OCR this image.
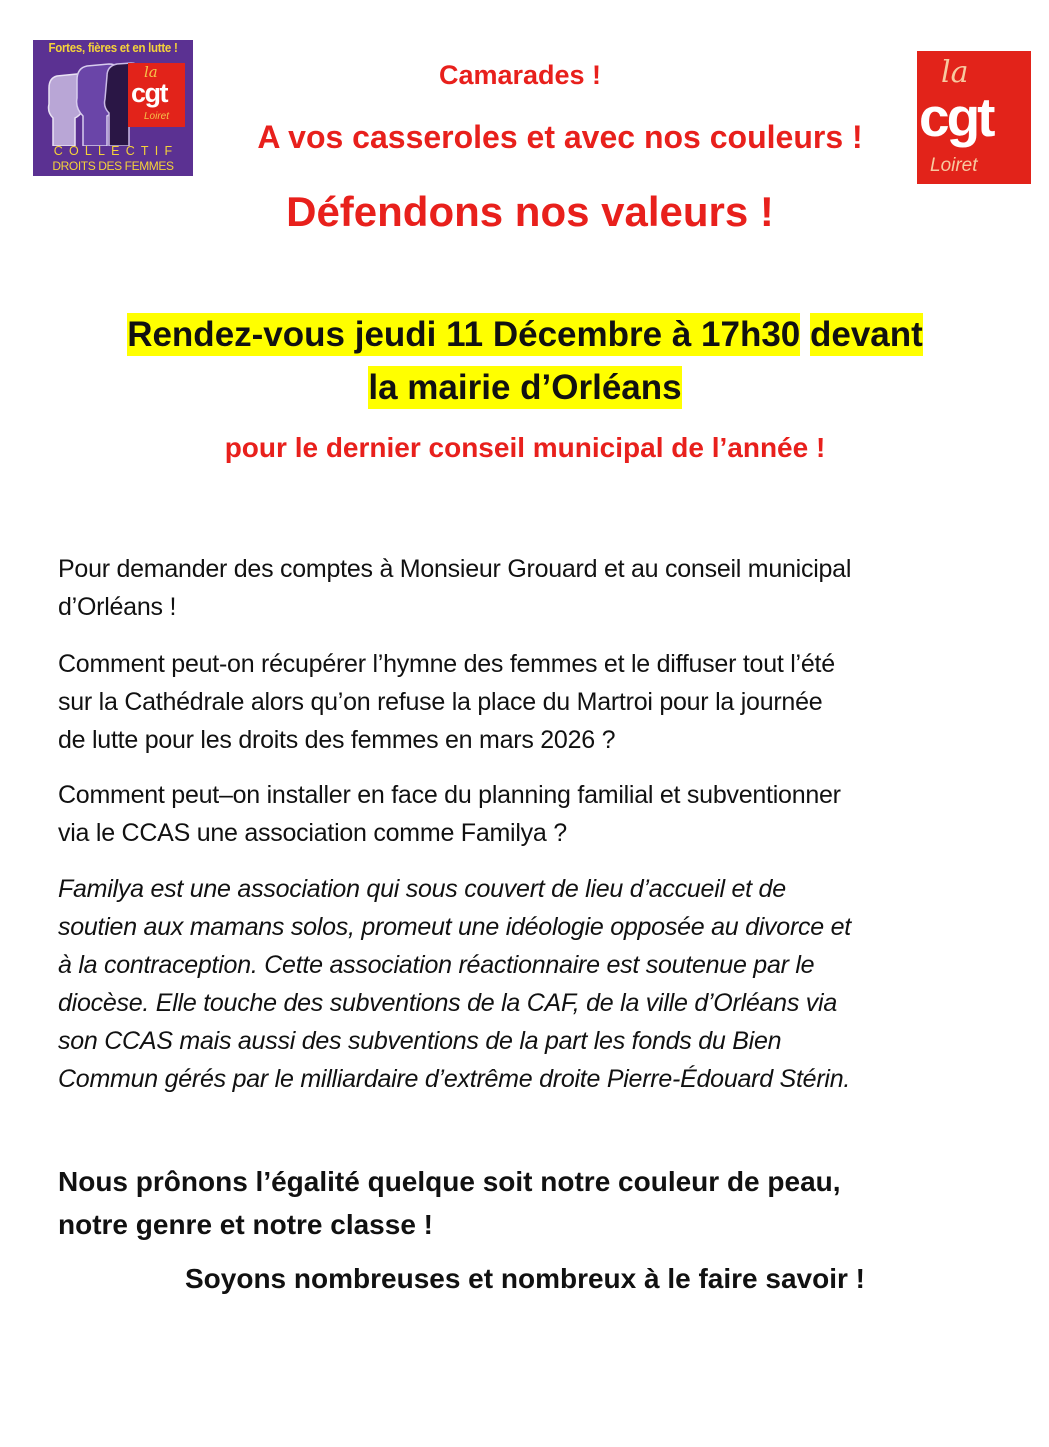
Fortes, fières et en lutte !
la
cgt
Loiret
COLLECTIF
DROITS DES FEMMES
la
cgt
Loiret
Camarades !
A vos casseroles et avec nos couleurs !
Défendons nos valeurs !
Rendez-vous jeudi 11 Décembre à 17h30 devant
la mairie d’Orléans
pour le dernier conseil municipal de l’année !
Pour demander des comptes à Monsieur Grouard et au conseil municipal
d’Orléans !
Comment peut-on récupérer l’hymne des femmes et le diffuser tout l’été
sur la Cathédrale alors qu’on refuse la place du Martroi pour la journée
de lutte pour les droits des femmes en mars 2026 ?
Comment peut–on installer en face du planning familial et subventionner
via le CCAS une association comme Familya ?
Familya est une association qui sous couvert de lieu d’accueil et de
soutien aux mamans solos, promeut une idéologie opposée au divorce et
à la contraception. Cette association réactionnaire est soutenue par le
diocèse. Elle touche des subventions de la CAF, de la ville d’Orléans via
son CCAS mais aussi des subventions de la part les fonds du Bien
Commun gérés par le milliardaire d’extrême droite Pierre-Édouard Stérin.
Nous prônons l’égalité quelque soit notre couleur de peau,
notre genre et notre classe !
Soyons nombreuses et nombreux à le faire savoir !
